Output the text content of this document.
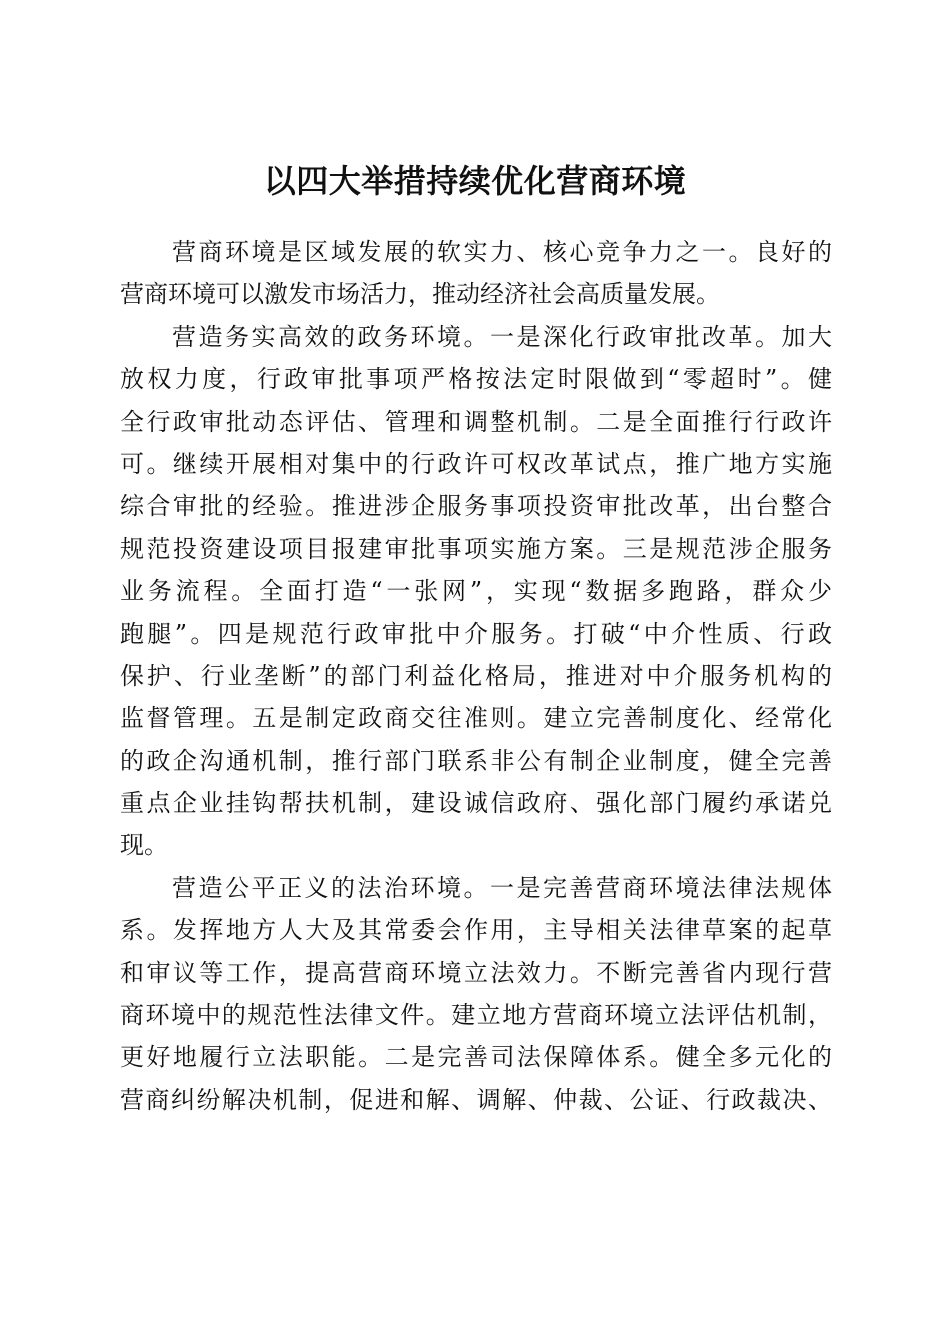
以四大举措持续优化营商环境
营商环境是区域发展的软实力、核心竞争力之一。良好的
营商环境可以激发市场活力，推动经济社会高质量发展。
营造务实高效的政务环境。一是深化行政审批改革。加大
放权力度，行政审批事项严格按法定时限做到“零超时”。健
全行政审批动态评估、管理和调整机制。二是全面推行行政许
可。继续开展相对集中的行政许可权改革试点，推广地方实施
综合审批的经验。推进涉企服务事项投资审批改革，出台整合
规范投资建设项目报建审批事项实施方案。三是规范涉企服务
业务流程。全面打造“一张网”，实现“数据多跑路，群众少
跑腿”。四是规范行政审批中介服务。打破“中介性质、行政
保护、行业垄断”的部门利益化格局，推进对中介服务机构的
监督管理。五是制定政商交往准则。建立完善制度化、经常化
的政企沟通机制，推行部门联系非公有制企业制度，健全完善
重点企业挂钩帮扶机制，建设诚信政府、强化部门履约承诺兑
现。
营造公平正义的法治环境。一是完善营商环境法律法规体
系。发挥地方人大及其常委会作用，主导相关法律草案的起草
和审议等工作，提高营商环境立法效力。不断完善省内现行营
商环境中的规范性法律文件。建立地方营商环境立法评估机制，
更好地履行立法职能。二是完善司法保障体系。健全多元化的
营商纠纷解决机制，促进和解、调解、仲裁、公证、行政裁决、
